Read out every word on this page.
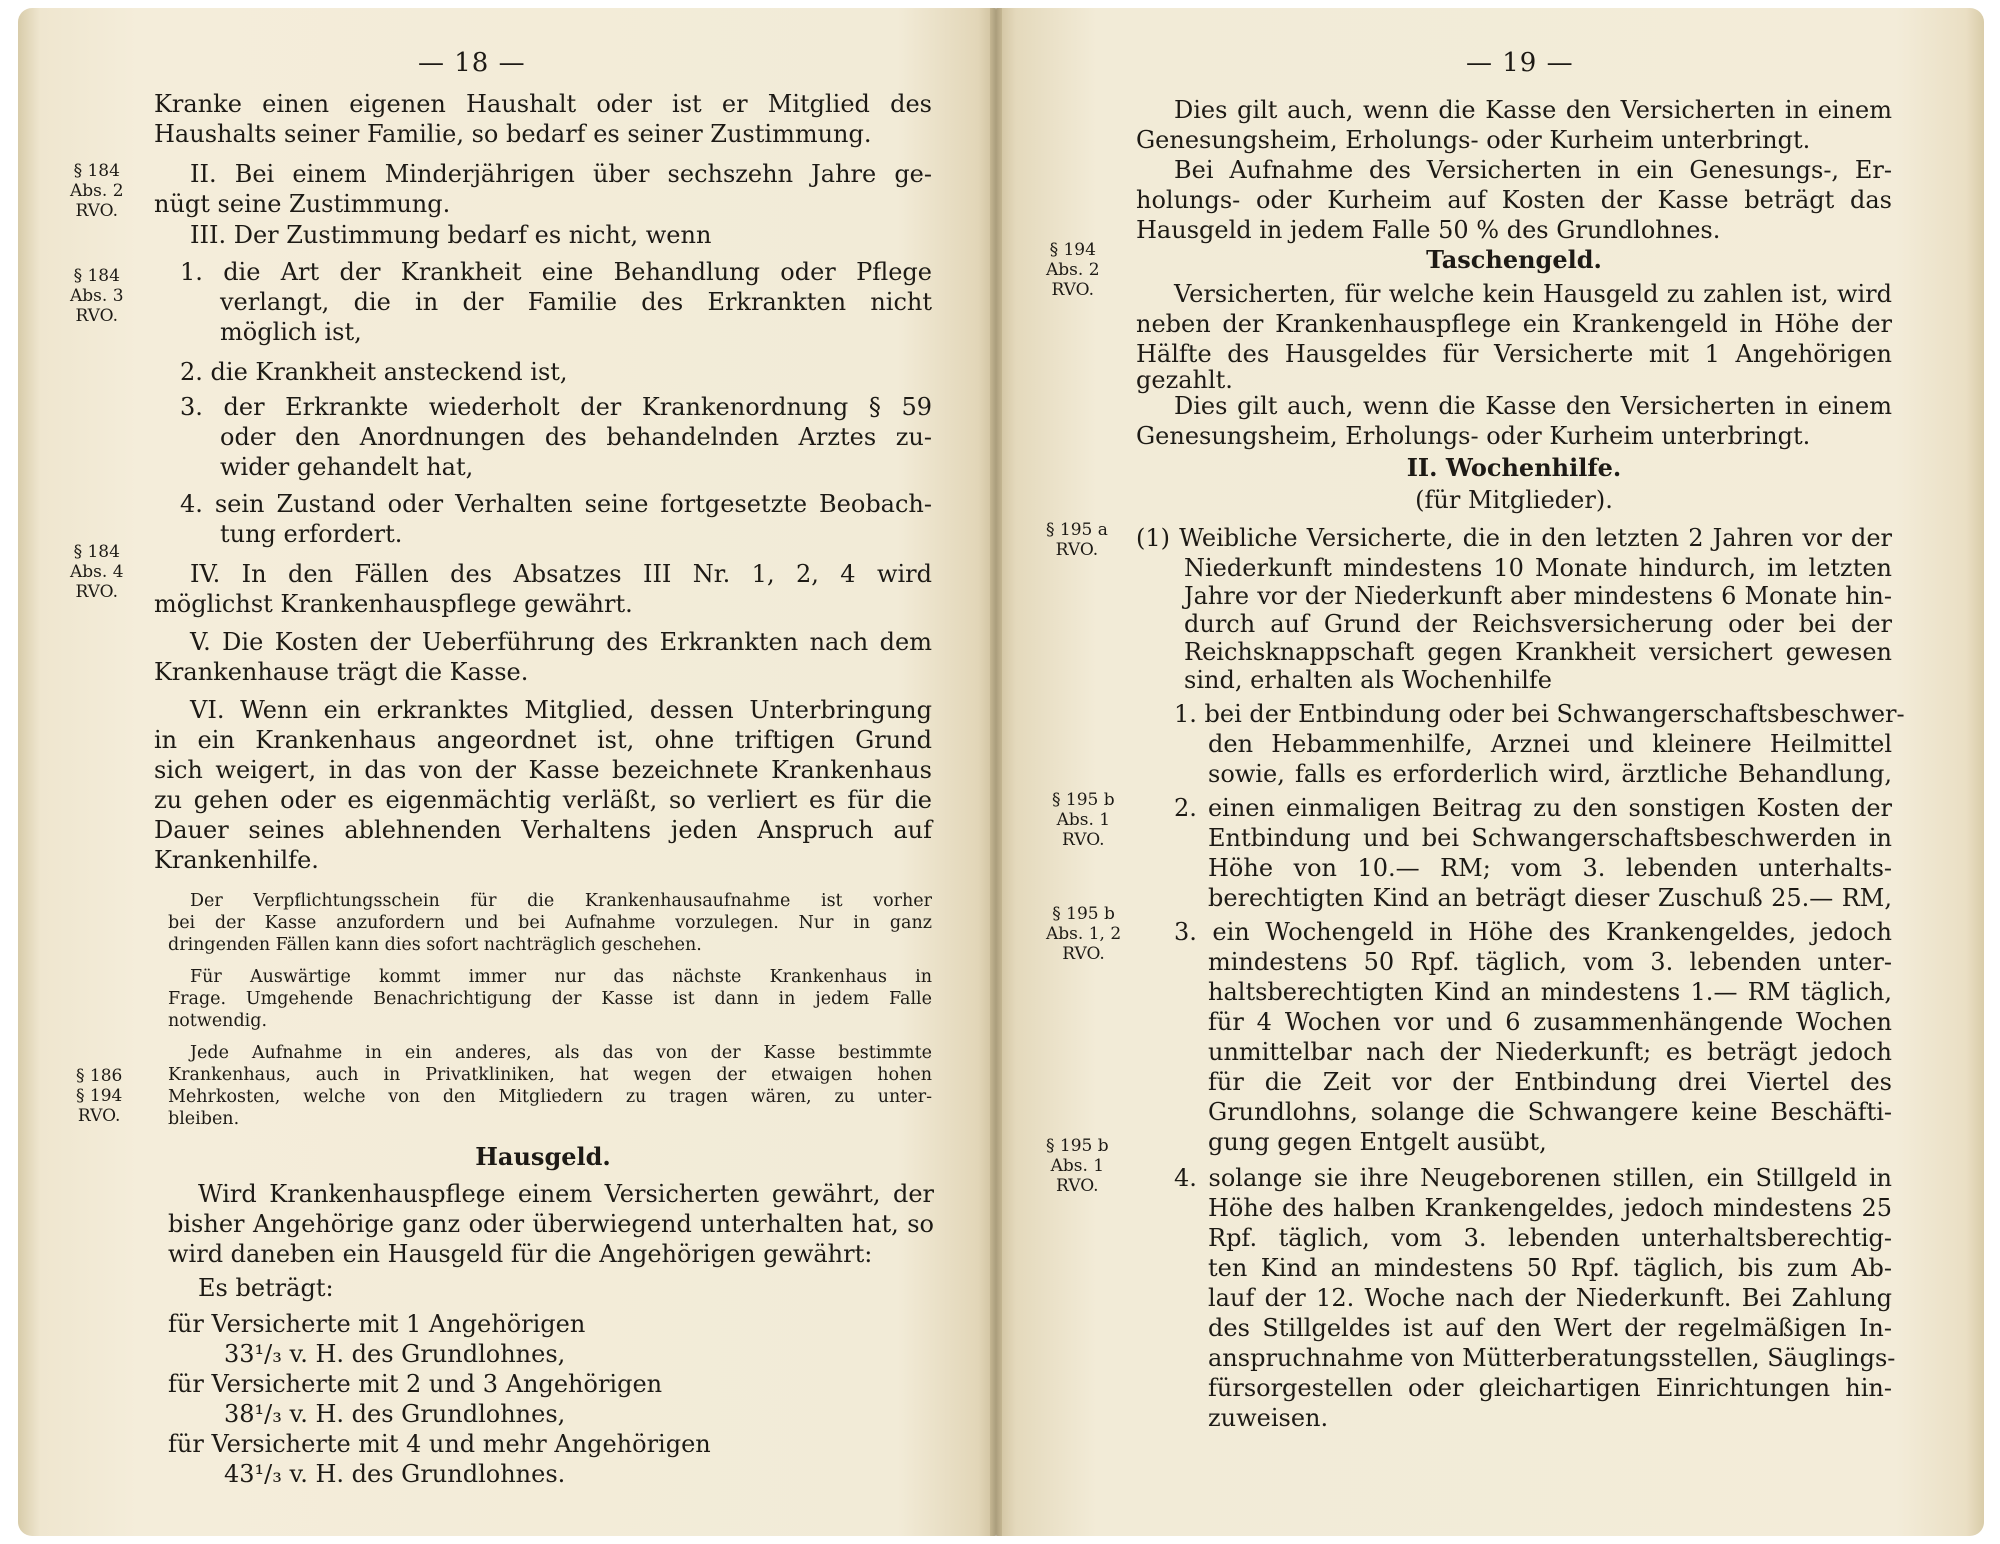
— 18 —
§ 184
Abs. 2
RVO.
§ 184
Abs. 3
RVO.
§ 184
Abs. 4
RVO.
§ 186
§ 194
RVO.
Kranke einen eigenen Haushalt oder ist er Mitglied des
Haushalts seiner Familie, so bedarf es seiner Zustimmung.
II. Bei einem Minderjährigen über sechszehn Jahre ge-
nügt seine Zustimmung.
III. Der Zustimmung bedarf es nicht, wenn
1. die Art der Krankheit eine Behandlung oder Pflege
verlangt, die in der Familie des Erkrankten nicht
möglich ist,
2. die Krankheit ansteckend ist,
3. der Erkrankte wiederholt der Krankenordnung § 59
oder den Anordnungen des behandelnden Arztes zu-
wider gehandelt hat,
4. sein Zustand oder Verhalten seine fortgesetzte Beobach-
tung erfordert.
IV. In den Fällen des Absatzes III Nr. 1, 2, 4 wird
möglichst Krankenhauspflege gewährt.
V. Die Kosten der Ueberführung des Erkrankten nach dem
Krankenhause trägt die Kasse.
VI. Wenn ein erkranktes Mitglied, dessen Unterbringung
in ein Krankenhaus angeordnet ist, ohne triftigen Grund
sich weigert, in das von der Kasse bezeichnete Krankenhaus
zu gehen oder es eigenmächtig verläßt, so verliert es für die
Dauer seines ablehnenden Verhaltens jeden Anspruch auf
Krankenhilfe.
Der Verpflichtungsschein für die Krankenhausaufnahme ist vorher
bei der Kasse anzufordern und bei Aufnahme vorzulegen. Nur in ganz
dringenden Fällen kann dies sofort nachträglich geschehen.
Für Auswärtige kommt immer nur das nächste Krankenhaus in
Frage. Umgehende Benachrichtigung der Kasse ist dann in jedem Falle
notwendig.
Jede Aufnahme in ein anderes, als das von der Kasse bestimmte
Krankenhaus, auch in Privatkliniken, hat wegen der etwaigen hohen
Mehrkosten, welche von den Mitgliedern zu tragen wären, zu unter-
bleiben.
Hausgeld.
Wird Krankenhauspflege einem Versicherten gewährt, der
bisher Angehörige ganz oder überwiegend unterhalten hat, so
wird daneben ein Hausgeld für die Angehörigen gewährt:
Es beträgt:
für Versicherte mit 1 Angehörigen
33¹/₃ v. H. des Grundlohnes,
für Versicherte mit 2 und 3 Angehörigen
38¹/₃ v. H. des Grundlohnes,
für Versicherte mit 4 und mehr Angehörigen
43¹/₃ v. H. des Grundlohnes.
— 19 —
§ 194
Abs. 2
RVO.
§ 195 a
RVO.
§ 195 b
Abs. 1
RVO.
§ 195 b
Abs. 1, 2
RVO.
§ 195 b
Abs. 1
RVO.
Dies gilt auch, wenn die Kasse den Versicherten in einem
Genesungsheim, Erholungs- oder Kurheim unterbringt.
Bei Aufnahme des Versicherten in ein Genesungs-, Er-
holungs- oder Kurheim auf Kosten der Kasse beträgt das
Hausgeld in jedem Falle 50 % des Grundlohnes.
Taschengeld.
Versicherten, für welche kein Hausgeld zu zahlen ist, wird
neben der Krankenhauspflege ein Krankengeld in Höhe der
Hälfte des Hausgeldes für Versicherte mit 1 Angehörigen
gezahlt.
Dies gilt auch, wenn die Kasse den Versicherten in einem
Genesungsheim, Erholungs- oder Kurheim unterbringt.
II. Wochenhilfe.
(für Mitglieder).
(1) Weibliche Versicherte, die in den letzten 2 Jahren vor der
Niederkunft mindestens 10 Monate hindurch, im letzten
Jahre vor der Niederkunft aber mindestens 6 Monate hin-
durch auf Grund der Reichsversicherung oder bei der
Reichsknappschaft gegen Krankheit versichert gewesen
sind, erhalten als Wochenhilfe
1. bei der Entbindung oder bei Schwangerschaftsbeschwer-
den Hebammenhilfe, Arznei und kleinere Heilmittel
sowie, falls es erforderlich wird, ärztliche Behandlung,
2. einen einmaligen Beitrag zu den sonstigen Kosten der
Entbindung und bei Schwangerschaftsbeschwerden in
Höhe von 10.— RM; vom 3. lebenden unterhalts-
berechtigten Kind an beträgt dieser Zuschuß 25.— RM,
3. ein Wochengeld in Höhe des Krankengeldes, jedoch
mindestens 50 Rpf. täglich, vom 3. lebenden unter-
haltsberechtigten Kind an mindestens 1.— RM täglich,
für 4 Wochen vor und 6 zusammenhängende Wochen
unmittelbar nach der Niederkunft; es beträgt jedoch
für die Zeit vor der Entbindung drei Viertel des
Grundlohns, solange die Schwangere keine Beschäfti-
gung gegen Entgelt ausübt,
4. solange sie ihre Neugeborenen stillen, ein Stillgeld in
Höhe des halben Krankengeldes, jedoch mindestens 25
Rpf. täglich, vom 3. lebenden unterhaltsberechtig-
ten Kind an mindestens 50 Rpf. täglich, bis zum Ab-
lauf der 12. Woche nach der Niederkunft. Bei Zahlung
des Stillgeldes ist auf den Wert der regelmäßigen In-
anspruchnahme von Mütterberatungsstellen, Säuglings-
fürsorgestellen oder gleichartigen Einrichtungen hin-
zuweisen.
